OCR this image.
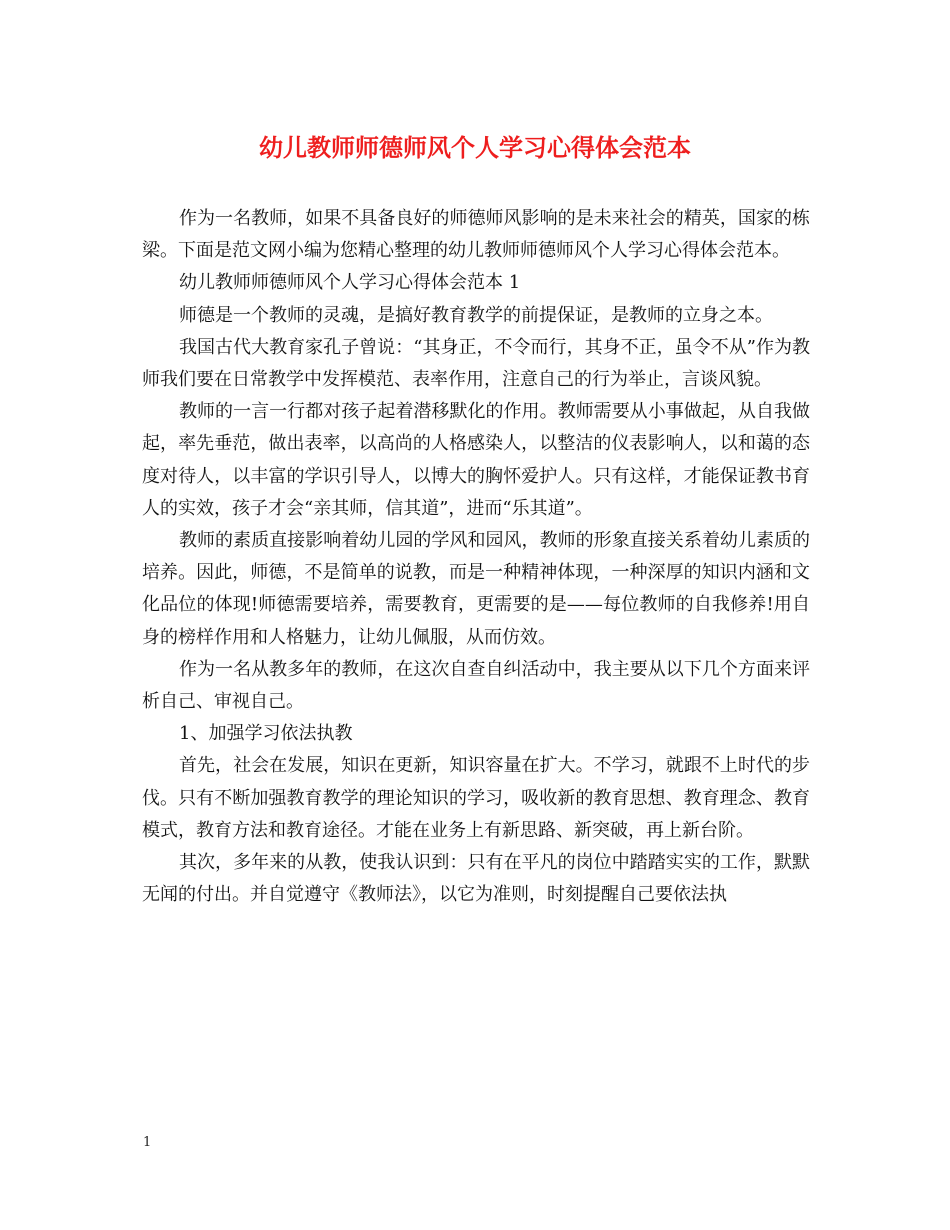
幼儿教师师德师风个人学习心得体会范本

作为一名教师，如果不具备良好的师德师风影响的是未来社会的精英，国家的栋梁。下面是范文网小编为您精心整理的幼儿教师师德师风个人学习心得体会范本。

幼儿教师师德师风个人学习心得体会范本 1

师德是一个教师的灵魂，是搞好教育教学的前提保证，是教师的立身之本。

我国古代大教育家孔子曾说：“其身正，不令而行，其身不正，虽令不从”作为教师我们要在日常教学中发挥模范、表率作用，注意自己的行为举止，言谈风貌。

教师的一言一行都对孩子起着潜移默化的作用。教师需要从小事做起，从自我做起，率先垂范，做出表率，以高尚的人格感染人，以整洁的仪表影响人，以和蔼的态度对待人，以丰富的学识引导人，以博大的胸怀爱护人。只有这样，才能保证教书育人的实效，孩子才会“亲其师，信其道”，进而“乐其道”。

教师的素质直接影响着幼儿园的学风和园风，教师的形象直接关系着幼儿素质的培养。因此，师德，不是简单的说教，而是一种精神体现，一种深厚的知识内涵和文化品位的体现!师德需要培养，需要教育，更需要的是——每位教师的自我修养!用自身的榜样作用和人格魅力，让幼儿佩服，从而仿效。

作为一名从教多年的教师，在这次自查自纠活动中，我主要从以下几个方面来评析自己、审视自己。

1、加强学习依法执教

首先，社会在发展，知识在更新，知识容量在扩大。不学习，就跟不上时代的步伐。只有不断加强教育教学的理论知识的学习，吸收新的教育思想、教育理念、教育模式，教育方法和教育途径。才能在业务上有新思路、新突破，再上新台阶。

其次，多年来的从教，使我认识到：只有在平凡的岗位中踏踏实实的工作，默默无闻的付出。并自觉遵守《教师法》，以它为准则，时刻提醒自己要依法执

1
